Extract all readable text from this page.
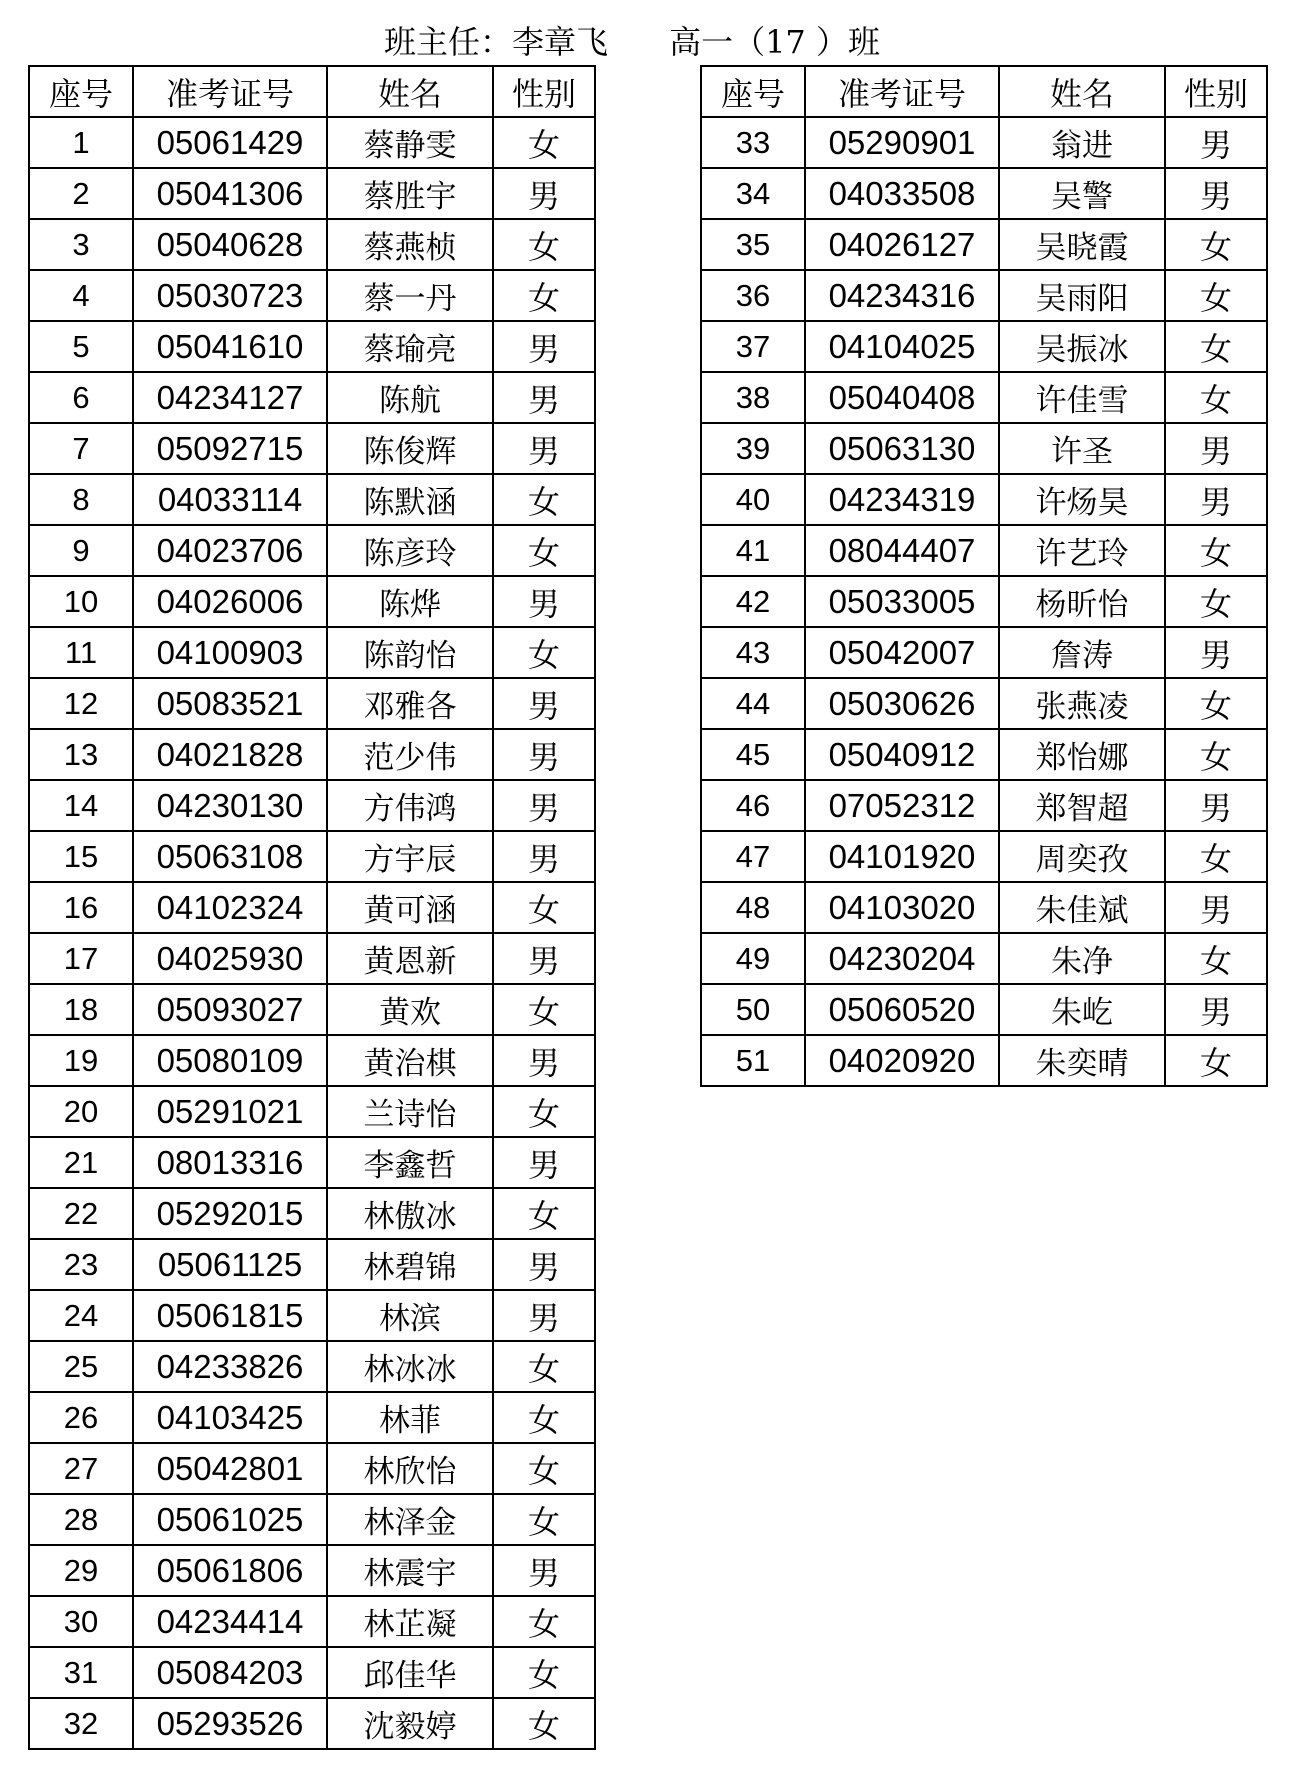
班主任：李章飞 高一（17 ）班
座号	准考证号	姓名	性别
1	05061429	蔡静雯	女
2	05041306	蔡胜宇	男
3	05040628	蔡燕桢	女
4	05030723	蔡一丹	女
5	05041610	蔡瑜亮	男
6	04234127	陈航	男
7	05092715	陈俊辉	男
8	04033114	陈默涵	女
9	04023706	陈彦玲	女
10	04026006	陈烨	男
11	04100903	陈韵怡	女
12	05083521	邓雅各	男
13	04021828	范少伟	男
14	04230130	方伟鸿	男
15	05063108	方宇辰	男
16	04102324	黄可涵	女
17	04025930	黄恩新	男
18	05093027	黄欢	女
19	05080109	黄治棋	男
20	05291021	兰诗怡	女
21	08013316	李鑫哲	男
22	05292015	林傲冰	女
23	05061125	林碧锦	男
24	05061815	林滨	男
25	04233826	林冰冰	女
26	04103425	林菲	女
27	05042801	林欣怡	女
28	05061025	林泽金	女
29	05061806	林震宇	男
30	04234414	林芷凝	女
31	05084203	邱佳华	女
32	05293526	沈毅婷	女
座号	准考证号	姓名	性别
33	05290901	翁进	男
34	04033508	吴警	男
35	04026127	吴晓霞	女
36	04234316	吴雨阳	女
37	04104025	吴振冰	女
38	05040408	许佳雪	女
39	05063130	许圣	男
40	04234319	许炀昊	男
41	08044407	许艺玲	女
42	05033005	杨昕怡	女
43	05042007	詹涛	男
44	05030626	张燕凌	女
45	05040912	郑怡娜	女
46	07052312	郑智超	男
47	04101920	周奕孜	女
48	04103020	朱佳斌	男
49	04230204	朱净	女
50	05060520	朱屹	男
51	04020920	朱奕晴	女
